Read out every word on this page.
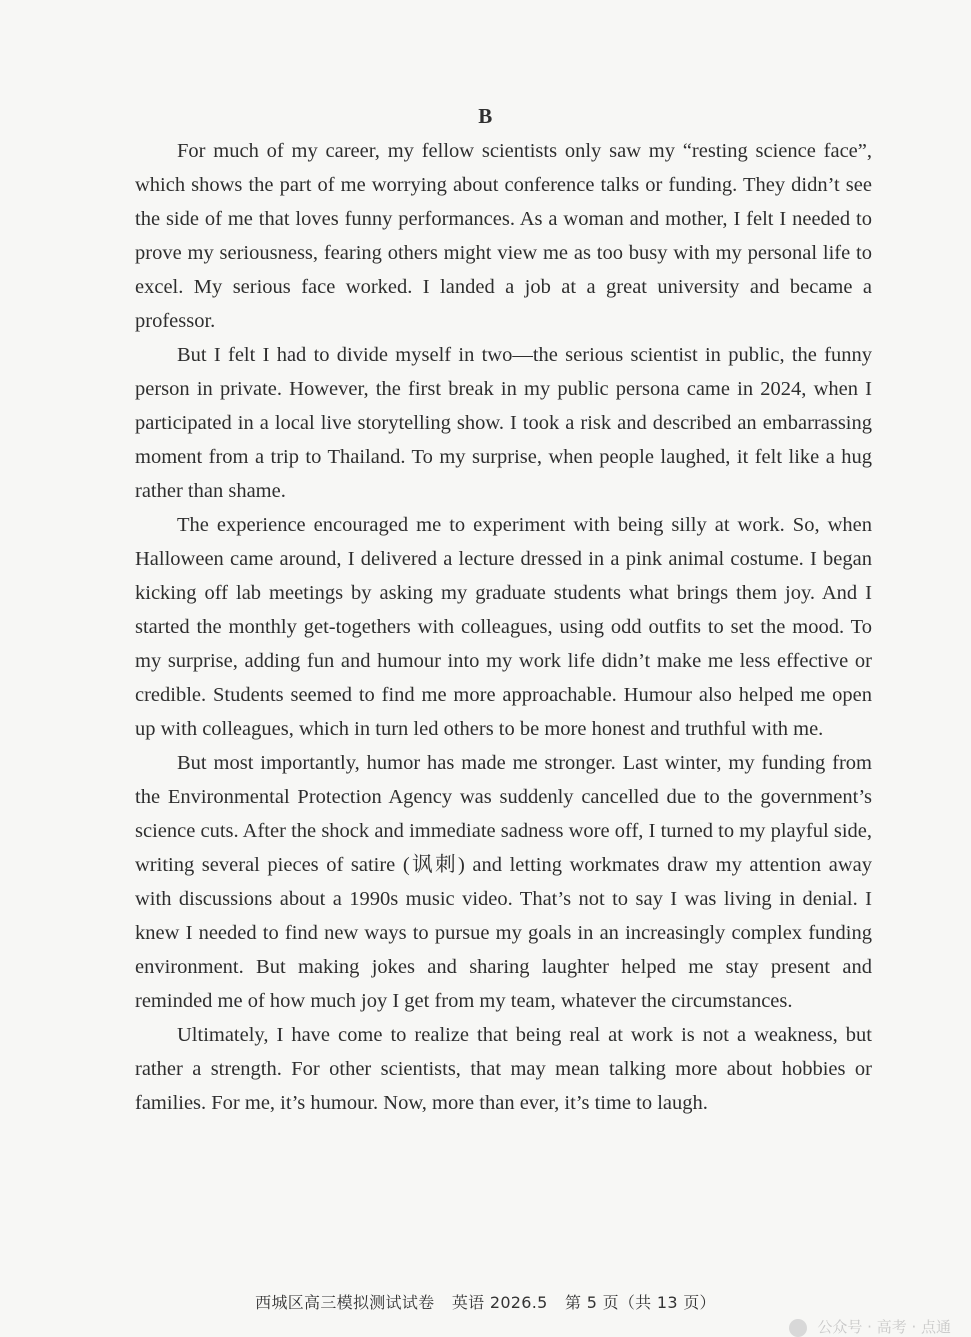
B

For much of my career, my fellow scientists only saw my “resting science face”, which shows the part of me worrying about conference talks or funding. They didn’t see the side of me that loves funny performances. As a woman and mother, I felt I needed to prove my seriousness, fearing others might view me as too busy with my personal life to excel. My serious face worked. I landed a job at a great university and became a professor.

But I felt I had to divide myself in two—the serious scientist in public, the funny person in private. However, the first break in my public persona came in 2024, when I participated in a local live storytelling show. I took a risk and described an embarrassing moment from a trip to Thailand. To my surprise, when people laughed, it felt like a hug rather than shame.

The experience encouraged me to experiment with being silly at work. So, when Halloween came around, I delivered a lecture dressed in a pink animal costume. I began kicking off lab meetings by asking my graduate students what brings them joy. And I started the monthly get-togethers with colleagues, using odd outfits to set the mood. To my surprise, adding fun and humour into my work life didn’t make me less effective or credible. Students seemed to find me more approachable. Humour also helped me open up with colleagues, which in turn led others to be more honest and truthful with me.

But most importantly, humor has made me stronger. Last winter, my funding from the Environmental Protection Agency was suddenly cancelled due to the government’s science cuts. After the shock and immediate sadness wore off, I turned to my playful side, writing several pieces of satire (讽刺) and letting workmates draw my attention away with discussions about a 1990s music video. That’s not to say I was living in denial. I knew I needed to find new ways to pursue my goals in an increasingly complex funding environment. But making jokes and sharing laughter helped me stay present and reminded me of how much joy I get from my team, whatever the circumstances.

Ultimately, I have come to realize that being real at work is not a weakness, but rather a strength. For other scientists, that may mean talking more about hobbies or families. For me, it’s humour. Now, more than ever, it’s time to laugh.

西城区高三模拟测试试卷 英语 2026.5 第 5 页（共 13 页）
公众号 · 高考 · 点通
